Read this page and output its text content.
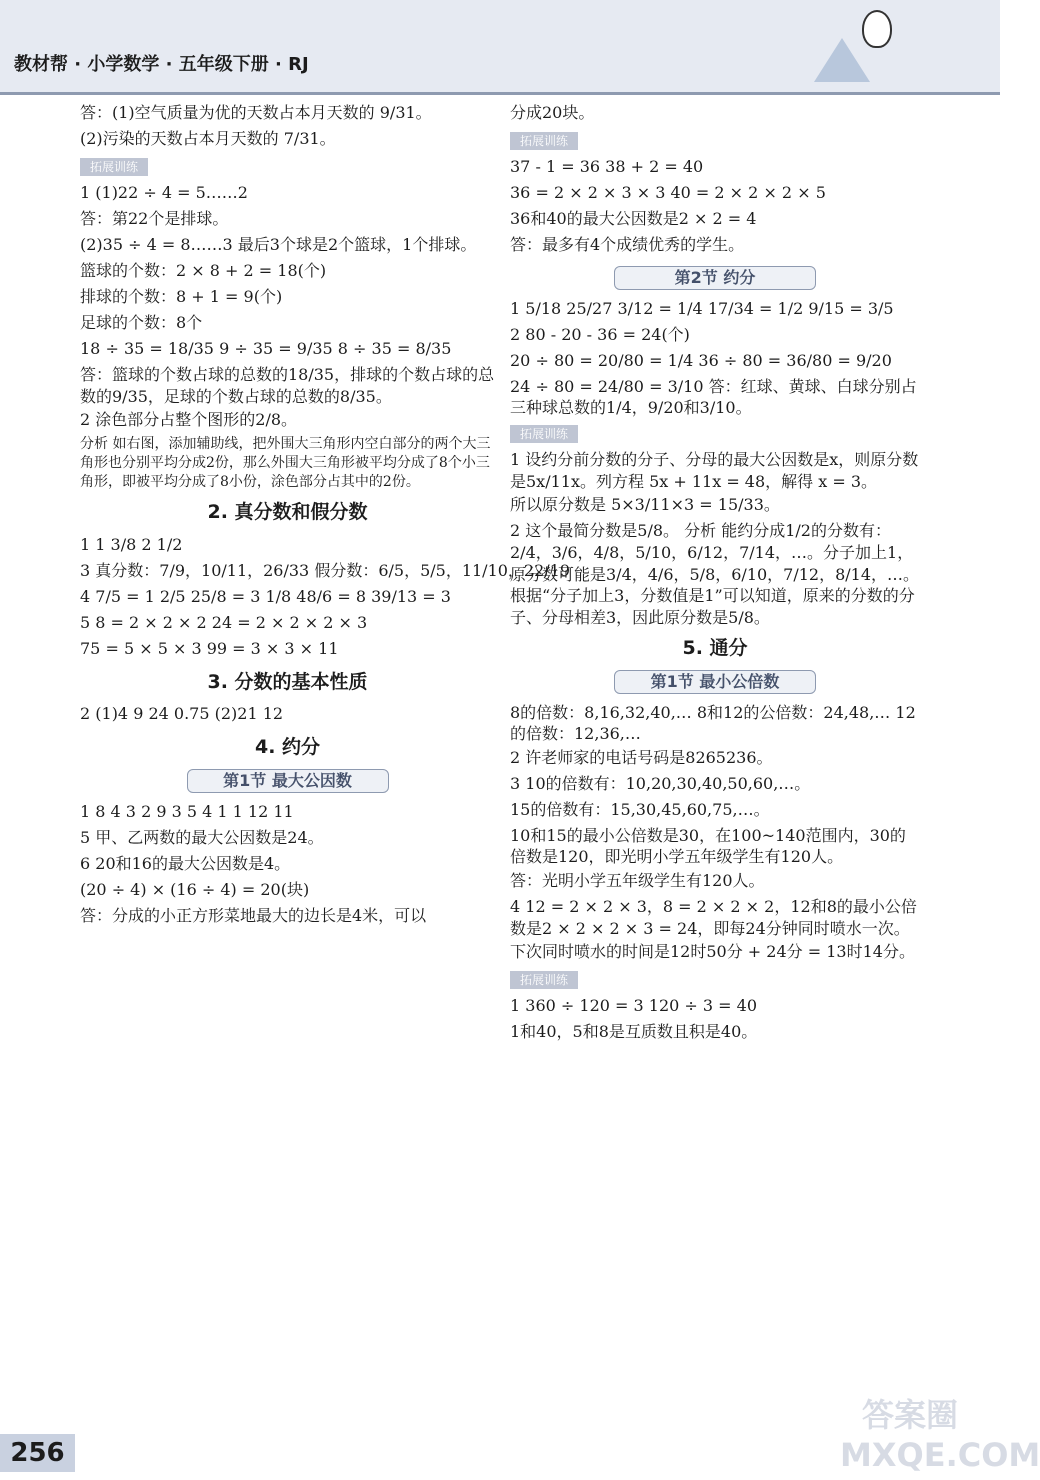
教材帮 · 小学数学 · 五年级下册 · RJ
答：(1)空气质量为优的天数占本月天数的 9/31。
(2)污染的天数占本月天数的 7/31。
拓展训练
1 (1)22 ÷ 4 = 5……2
答：第22个是排球。
(2)35 ÷ 4 = 8……3 最后3个球是2个篮球，1个排球。
篮球的个数：2 × 8 + 2 = 18(个)
排球的个数：8 + 1 = 9(个)
足球的个数：8个
18 ÷ 35 = 18/35 9 ÷ 35 = 9/35 8 ÷ 35 = 8/35
答：篮球的个数占球的总数的18/35，排球的个数占球的总数的9/35，足球的个数占球的总数的8/35。
2 涂色部分占整个图形的2/8。
分析 如右图，添加辅助线，把外围大三角形内空白部分的两个大三角形也分别平均分成2份，那么外围大三角形被平均分成了8个小三角形，即被平均分成了8小份，涂色部分占其中的2份。
2. 真分数和假分数
1 1 3/8 2 1/2
3 真分数：7/9，10/11，26/33 假分数：6/5，5/5，11/10，22/19
4 7/5 = 1 2/5 25/8 = 3 1/8 48/6 = 8 39/13 = 3
5 8 = 2 × 2 × 2 24 = 2 × 2 × 2 × 3
75 = 5 × 5 × 3 99 = 3 × 3 × 11
3. 分数的基本性质
2 (1)4 9 24 0.75 (2)21 12
4. 约分
第1节 最大公因数
1 8 4 3 2 9 3 5 4 1 1 12 11
5 甲、乙两数的最大公因数是24。
6 20和16的最大公因数是4。
(20 ÷ 4) × (16 ÷ 4) = 20(块)
答：分成的小正方形菜地最大的边长是4米，可以
分成20块。
拓展训练
37 - 1 = 36 38 + 2 = 40
36 = 2 × 2 × 3 × 3 40 = 2 × 2 × 2 × 5
36和40的最大公因数是2 × 2 = 4
答：最多有4个成绩优秀的学生。
第2节 约分
1 5/18 25/27 3/12 = 1/4 17/34 = 1/2 9/15 = 3/5
2 80 - 20 - 36 = 24(个)
20 ÷ 80 = 20/80 = 1/4 36 ÷ 80 = 36/80 = 9/20
24 ÷ 80 = 24/80 = 3/10 答：红球、黄球、白球分别占三种球总数的1/4，9/20和3/10。
拓展训练
1 设约分前分数的分子、分母的最大公因数是x，则原分数是5x/11x。列方程 5x + 11x = 48，解得 x = 3。
所以原分数是 5×3/11×3 = 15/33。
2 这个最简分数是5/8。 分析 能约分成1/2的分数有：2/4，3/6，4/8，5/10，6/12，7/14，…。分子加上1，原分数可能是3/4，4/6，5/8，6/10，7/12，8/14，…。根据“分子加上3，分数值是1”可以知道，原来的分数的分子、分母相差3，因此原分数是5/8。
5. 通分
第1节 最小公倍数
8的倍数：8,16,32,40,… 8和12的公倍数：24,48,… 12的倍数：12,36,…
2 许老师家的电话号码是8265236。
3 10的倍数有：10,20,30,40,50,60,…。
15的倍数有：15,30,45,60,75,…。
10和15的最小公倍数是30，在100~140范围内，30的倍数是120，即光明小学五年级学生有120人。
答：光明小学五年级学生有120人。
4 12 = 2 × 2 × 3，8 = 2 × 2 × 2，12和8的最小公倍数是2 × 2 × 2 × 3 = 24，即每24分钟同时喷水一次。
下次同时喷水的时间是12时50分 + 24分 = 13时14分。
拓展训练
1 360 ÷ 120 = 3 120 ÷ 3 = 40
1和40，5和8是互质数且积是40。
256
答案圈 MXQE.COM
